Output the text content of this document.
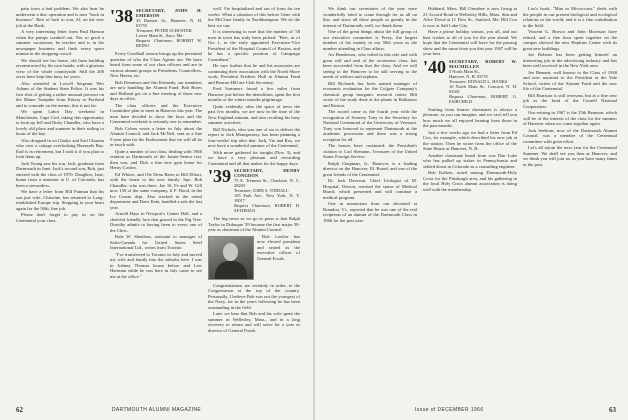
pain from a bad problem. We also hear he underwent a disc operation and is now "back in business". Best of luck to you, Al, on the new job at the Bank.

A very interesting letter from Paul Hanson when the pumps cranked out. Not so good a summer vacationer, he teaches and is in the newspaper business and finds every spare minute in the shopping crowd.

We should see his home, old farm building reconstructed by his own hands, with a glorious view of the whole countryside. Still the 200 acres have kept him busy for years.

Also attended in Lowell Sergeant Wes Adams of the Student State Police. It was his first shot of getting a rather unusual precinct on the Maine Turnpike from Kittery to Portland and to comrade on the memo; this is not far.

We spent Labor Day weekend in Manchester, Cape Cod, taking this opportunity to look up Jeff and Dotty Chandler, who have a lovely old place and summer in their sailing to boats of the bay.

Also dropped in on Gladys and Earl Churma who own a cottage overlooking Buzzards Bay. Earl is in retirement, but I took it if you plan to look them up.

Jack Young saw his son, Jack, graduate from Dartmouth in June. Jack's second son, Bob, just entered with the class of 1970. Daughter, Jane, home from a semester at U. of Colorado, has been a stewardess.

We have a letter from Bill Putman that his son just wife, Christine, has returned to Long-established Europe trip. Stopping in your heart again for the 50th, fine job.

Please don't forget to pay us on the Centennial your class.

'38 SECRETARY, JOHN H. EMERSON
33 Dunster St., Hanover, N. H. 03755
Treasurer, PETER SCHUSTER
Lower Main St., Saco, Me.
Bequest Chairman, ROBERT W. REINO

Every Goodhall season brings up the perennial question of who the Class Agents are. We have heard from some of our class officers and are in various alumni groups as Presidents, Councillors, New Haven, etc.

Bob Dennison and Jim Kennedy, our members are now handling the Alumni Fund. Bob Bores and Holland got on a fine meeting of these new days in office.

The class officers and the Executive Committee plan to meet in Hanover this year. The men have decided to show the boys and the Centennial weekend is certainly one to remember.

Bob Cohen wrote a letter in July about the Alumni Council, and Jack McNeil, sent us a fine 5-year plan for the Endowment that we will all be in touch with.

Quite a number of our class, dealing with 1966 reunion as Dartmouth of the Junior-Senior rest, then was, and Dick a fine new gain home for Henry Coslon.

Ed Whites, and Ole Dean Bates to Bill Elliott, with the home to the new family. Spo. Bob Chandler, who was there, Joe 16, Fe and W. Gill now 150 of the same company, It F. Hood, in the Ice Cream dept. Also worked in the rental department and Dave Kent, handled a sale the last year.

Arnold Hays in Newport's Center Hall, and a cheerful friendly face that graced in the Fig Tree. Dorothy admits to having been to every one of the Chris.

Rule W. Skenhaw, assistant to manager of Sales-Canada for United States Steel International Ltd., writes from Toronto:

"I've transferred to Toronto in July and moved my wife and family into the suburbs here. I was in Johnny Thomas house before and Lew Hartman while he was here in July came to see me at the office."

well, Vie hospitalized and out of form for ten weeks. What a situation of this before Gene with the McClure family in Northhampton. We do the best we can.

It is interesting to note that the number of '38 men in town has truly been picked: "Bert, as of Oct 1, in the early appointed Executive-Vice President of the Hospital Council of Boston, and he has a specific position of Campaign Consultant."

He says further that he and his associates are continuing their association with the North Shore work, President Frederic Hull in Alumni Fund and Beacon Hill are Club Secretary.

Fred Sommers found a few miles from Hanover just before the demolition, spent the first months of the winter months pilgrimage.

Quite evidently, after the space of news the past few months, we are now in the time of the New England autumn, and also recalling his busy summer activities.

Bill Nichols, who was one of six to deliver the report to Jack Montgomery, has been planning a four-weeks' trip after that. Jack, Vie and Roy, we now have a wonderful summer of the Centennial.

With more gathered for tonight (Nov. 3), and we have a very pleasant and rewarding Centennial and all that makes for the happy days.

'39 SECRETARY, HENRY CONGDON
75 E. Tremont St., Charlotte, N. C. 28203
Treasurer, JOHN S. TINDALL
105 Park Ave., New York, N. Y. 10017
Bequest Chairman, ROBERT H. SETHMAN

The big news as we go to press is that Ralph Taylor in Dubuque '39 became the first major 50-year as chairman of the Alumni Council.

Bob Lawlor has now elected president and seated as the executive officer of General Foods.

Congratulations are certainly in order, to the Congressman at the top of the country. Personally, I believe Bob was not the youngest of the Navy, for in the years following he has been outstanding in the field.

Later we hear that Bob and his wife spent the summer in Wellesley, Mass., and in a long recovery to return and will serve for a year as director of General Foods.

62	DARTMOUTH ALUMNI MAGAZINE

We think our secretaries of the year were wonderfully fated to come through for us all on this, and since all these people so greatly in the interest of Dartmouth, well, we thank them.

One of the great things about the full group of our executive committee is Prexy, the largest number of his mainly in our 50th years as the number attending in Class affairs.

Art Henderson, who toiled in this role and with great will and zeal of the secretaries class, has been succeeded from that the class. And we will seeing to the Hanover to be still serving to the needs of widows and orphans.

Bill Richards has been named manager of economic evaluation for the Colgate Company's chemical group inorganic research center. Bill wrote of the study done at the plants in Baltimore and Boston.

The award came as the fourth year with the recognition of Scenery Tony to the Secretary for National Centennial of the University of Vermont. Tony was honored to represent Dartmouth at the academic procession and there was a strong reception for all.

The honors have continued: the President's citation to Carl Siemann, Treasurer of the United States Foreign Service.

Ralph Chapman, Jr., Hanover, is a leading director on the Hanover, Ill. Board, and one of the great friends of the Centennial.

Dr. Jack Daversar, Chief Urologist of M. Hospital, Detroit, reached the status of Medical Board, which presented and will continue a medical program.

One in memoriam from our deceased at Brandon, Vt., reported that he was one of the real recipients of an alumni of the Dartmouth Class in 1966 for the past year.

Hubbard, Mass. Bill Ormsbee is now living at 21 Accord Road in Wellesley Hills, Mass. Sim and Alice Dowd at 11 Dow St., Sanford, Me. Bill Cox is now at Salt Lake City.

Have a prime holiday season, you all, and our best wishes to all of you for the year ahead. We hope that the Centennial will have for the passing show and the same from you this year 1967 will be your best.

'40 SECRETARY, ROBERT W. MACMILLEN
5 North Main St.,
Hanover, N. H. 03755
Treasurer, DONALD L. HANKS
10 North Main St., Concord, N. H. 03301
Bequest Chairman, ROBERT G. FAIRCHILD

Starting from former classmates is always a pleasure, as you can imagine, and we can't tell you how much we all enjoyed hearing from those in the past months.

Just a few weeks ago we had a letter from Ed Cox, for example, which described his new job at the station. Then he wrote from the office of the State House at Hanover, N. H.

Another classmate heard from was Dan Luke who has pulled up stakes in Pennsylvania and settled down in Colorado as a consulting engineer.

Bob Kallzer, noted among Dartmouth-Holy Cross for the Pittsburgh area, and his gathering in the local Holy Cross alumni association is doing well with the membership.

Lou's book, "Man in Microcosm," deals with the people in our present biological and ecological relations in the world, and it is a fine contribution to the field.

Vincent G. Brown and John Morrison have retired, and a fine hour spent together on the campus showed the new Hopkins Center with its great new buildings.

Joe Roberts has been getting himself an interesting job in the advertising industry and has been well received in the New York area.

Joe Bennett, well known to the Class of 1940 and now assistant to the President at the Yale School, writes of the Alumni Fund and the new life of the Centennial.

Bill Harrison is still overseas, but at a fine new job as the head of the Cornell National Cooperation.

Our retiring in 1967 is the 25th Reunion, which will be of the interest of the class for the summer of Hanover when we come together again.

Jack Seeborn, now of the Dartmouth Alumni Council, was a member of the Centennial committee with great effort.

Let's all rejoin the next year for the Centennial Summer. We shall see you then at Hanover, and we think you will join us, as you have many times in the past.

Issue of DECEMBER 1966	63
